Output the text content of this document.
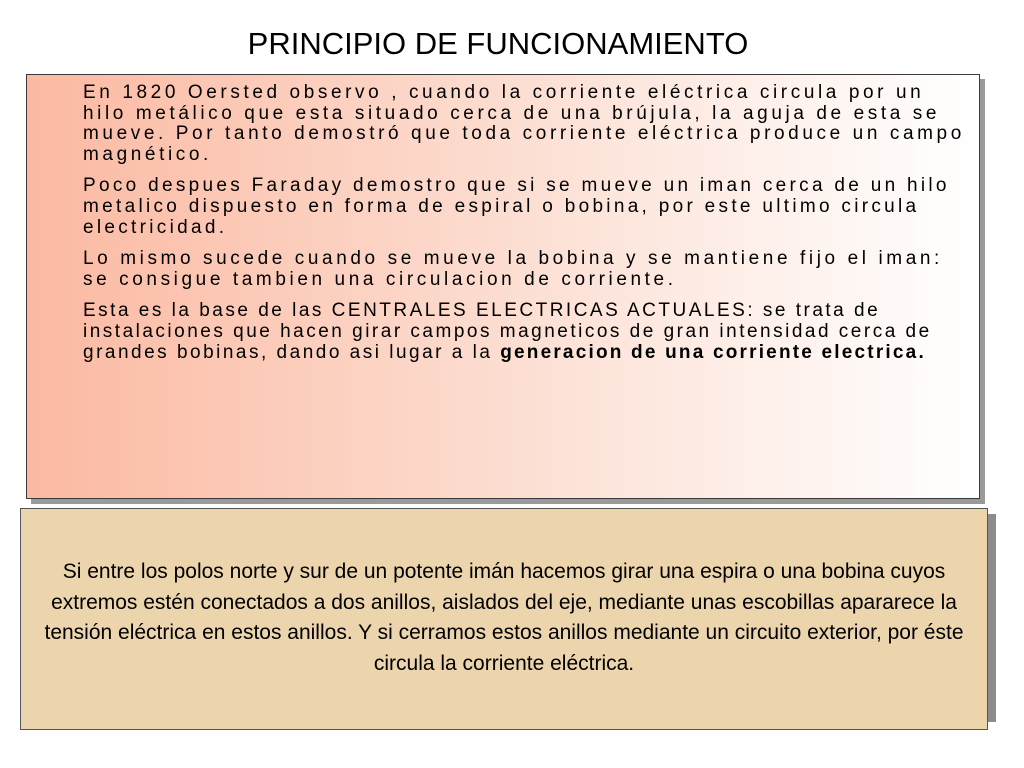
PRINCIPIO DE FUNCIONAMIENTO

En 1820 Oersted observo , cuando la corriente eléctrica circula por un hilo metálico que esta situado cerca de una brújula, la aguja de esta se mueve. Por tanto demostró que toda corriente eléctrica produce un campo magnético.

Poco despues Faraday demostro que si se mueve un iman cerca de un hilo metalico dispuesto en forma de espiral o bobina, por este ultimo circula electricidad.

Lo mismo sucede cuando se mueve la bobina y se mantiene fijo el iman: se consigue tambien una circulacion de corriente.

Esta es la base de las CENTRALES ELECTRICAS ACTUALES: se trata de instalaciones que hacen girar campos magneticos de gran intensidad cerca de grandes bobinas, dando asi lugar a la generacion de una corriente electrica.

Si entre los polos norte y sur de un potente imán hacemos girar una espira o una bobina cuyos extremos estén conectados a dos anillos, aislados del eje, mediante unas escobillas apararece la tensión eléctrica en estos anillos. Y si cerramos estos anillos mediante un circuito exterior, por éste circula la corriente eléctrica.
